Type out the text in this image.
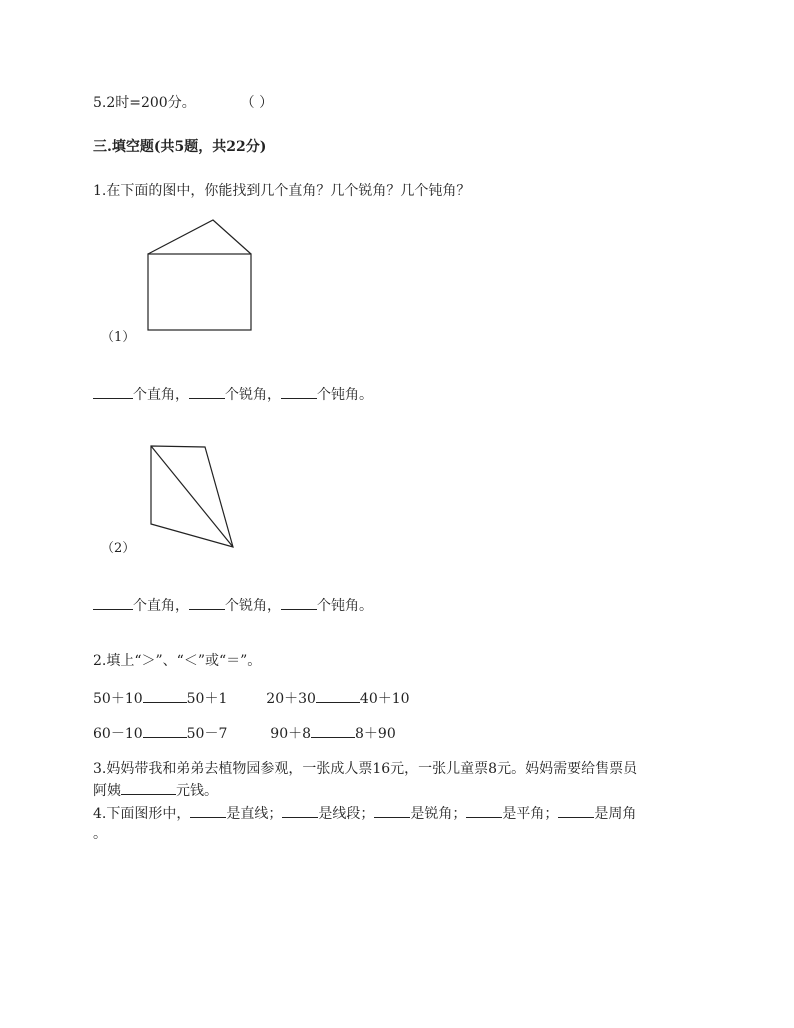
5.2时=200分。	（ ）
三.填空题(共5题，共22分)
1.在下面的图中，你能找到几个直角？几个锐角？几个钝角？
（1）
个直角，	个锐角，	个钝角。
（2）
个直角，	个锐角，	个钝角。
2.填上“＞”、“＜”或“＝”。
50＋10	50＋1	20＋30	40＋10
60－10	50－7	90＋8	8＋90
3.妈妈带我和弟弟去植物园参观，一张成人票16元，一张儿童票8元。妈妈需要给售票员
阿姨	元钱。
4.下面图形中，	是直线；	是线段；	是锐角；	是平角；	是周角
。
